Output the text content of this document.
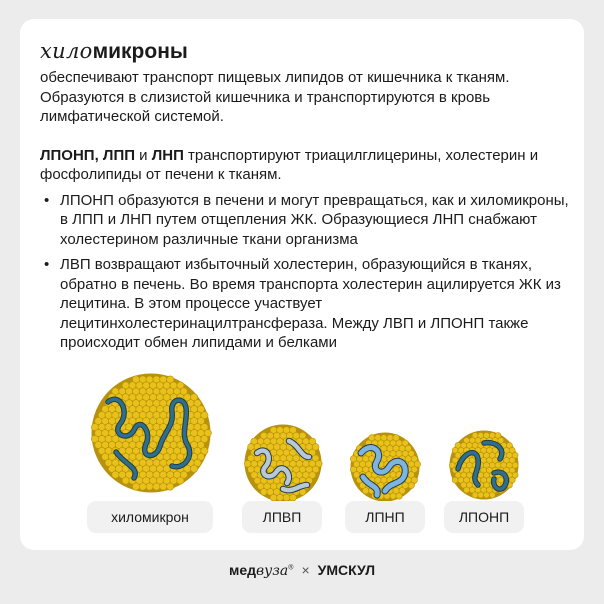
хиломикроны

обеспечивают транспорт пищевых липидов от кишечника к тканям. Образуются в слизистой кишечника и транспортируются в кровь лимфатической системой.

ЛПОНП, ЛПП и ЛНП транспортируют триацилглицерины, холестерин и фосфолипиды от печени к тканям.

• ЛПОНП образуются в печени и могут превращаться, как и хиломикроны, в ЛПП и ЛНП путем отщепления ЖК. Образующиеся ЛНП снабжают холестерином различные ткани организма
• ЛВП возвращают избыточный холестерин, образующийся в тканях, обратно в печень. Во время транспорта холестерин ацилируется ЖК из лецитина. В этом процессе участвует лецитинхолестеринацилтрансфераза. Между ЛВП и ЛПОНП также происходит обмен липидами и белками
хиломикрон	ЛПВП	ЛПНП	ЛПОНП
медвуза® × УМСКУЛ
